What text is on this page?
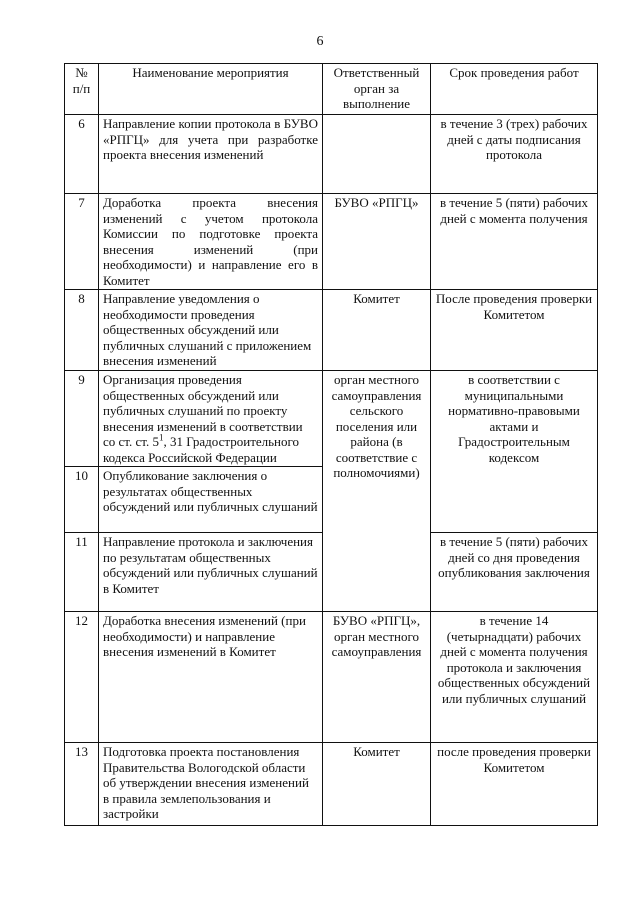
6
№ п/п	Наименование мероприятия	Ответственный орган за выполнение	Срок проведения работ
6	Направление копии протокола в БУВО «РПГЦ» для учета при разработке проекта внесения изменений		в течение 3 (трех) рабочих дней с даты подписания протокола
7	Доработка проекта внесения изменений с учетом протокола Комиссии по подготовке проекта внесения изменений (при необходимости) и направление его в Комитет	БУВО «РПГЦ»	в течение 5 (пяти) рабочих дней с момента получения
8	Направление уведомления о необходимости проведения общественных обсуждений или публичных слушаний с приложением внесения изменений	Комитет	После проведения проверки Комитетом
9	Организация проведения общественных обсуждений или публичных слушаний по проекту внесения изменений в соответствии со ст. ст. $5^1$, 31 Градостроительного кодекса Российской Федерации	орган местного самоуправления сельского поселения или района (в соответствие с полномочиями)	в соответствии с муниципальными нормативно-правовыми актами и Градостроительным кодексом
10	Опубликование заключения о результатах общественных обсуждений или публичных слушаний		
11	Направление протокола и заключения по результатам общественных обсуждений или публичных слушаний в Комитет		в течение 5 (пяти) рабочих дней со дня проведения опубликования заключения
12	Доработка внесения изменений (при необходимости) и направление внесения изменений в Комитет	БУВО «РПГЦ», орган местного самоуправления	в течение 14 (четырнадцати) рабочих дней с момента получения протокола и заключения общественных обсуждений или публичных слушаний
13	Подготовка проекта постановления Правительства Вологодской области об утверждении внесения изменений в правила землепользования и застройки	Комитет	после проведения проверки Комитетом
